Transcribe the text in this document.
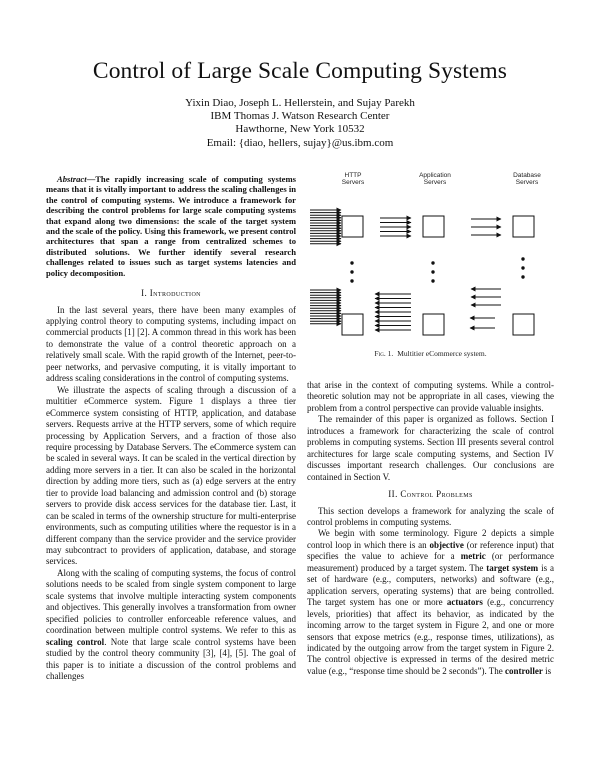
Control of Large Scale Computing Systems
Yixin Diao, Joseph L. Hellerstein, and Sujay Parekh
IBM Thomas J. Watson Research Center
Hawthorne, New York 10532
Email: {diao, hellers, sujay}@us.ibm.com

Abstract—The rapidly increasing scale of computing systems means that it is vitally important to address the scaling challenges in the control of computing systems. We introduce a framework for describing the control problems for large scale computing systems that expand along two dimensions: the scale of the target system and the scale of the policy. Using this framework, we present control architectures that span a range from centralized schemes to distributed solutions. We further identify several research challenges related to issues such as target systems latencies and policy decomposition.

I. Introduction

In the last several years, there have been many examples of applying control theory to computing systems, including impact on commercial products [1] [2]. A common thread in this work has been to demonstrate the value of a control theoretic approach on a relatively small scale. With the rapid growth of the Internet, peer-to-peer networks, and pervasive computing, it is vitally important to address scaling considerations in the control of computing systems.

We illustrate the aspects of scaling through a discussion of a multitier eCommerce system. Figure 1 displays a three tier eCommerce system consisting of HTTP, application, and database servers. Requests arrive at the HTTP servers, some of which require processing by Application Servers, and a fraction of those also require processing by Database Servers. The eCommerce system can be scaled in several ways. It can be scaled in the vertical direction by adding more servers in a tier. It can also be scaled in the horizontal direction by adding more tiers, such as (a) edge servers at the entry tier to provide load balancing and admission control and (b) storage servers to provide disk access services for the database tier. Last, it can be scaled in terms of the ownership structure for multi-enterprise environments, such as computing utilities where the requestor is in a different company than the service provider and the service provider may subcontract to providers of application, database, and storage services.

Along with the scaling of computing systems, the focus of control solutions needs to be scaled from single system component to large scale systems that involve multiple interacting system components and objectives. This generally involves a transformation from owner specified policies to controller enforceable reference values, and coordination between multiple control systems. We refer to this as scaling control. Note that large scale control systems have been studied by the control theory community [3], [4], [5]. The goal of this paper is to initiate a discussion of the control problems and challenges

HTTP
Servers
Application
Servers
Database
Servers
Fig. 1. Multitier eCommerce system.

that arise in the context of computing systems. While a control-theoretic solution may not be appropriate in all cases, viewing the problem from a control perspective can provide valuable insights.

The remainder of this paper is organized as follows. Section I introduces a framework for characterizing the scale of control problems in computing systems. Section III presents several control architectures for large scale computing systems, and Section IV discusses important research challenges. Our conclusions are contained in Section V.

II. Control Problems

This section develops a framework for analyzing the scale of control problems in computing systems.

We begin with some terminology. Figure 2 depicts a simple control loop in which there is an objective (or reference input) that specifies the value to achieve for a metric (or performance measurement) produced by a target system. The target system is a set of hardware (e.g., computers, networks) and software (e.g., application servers, operating systems) that are being controlled. The target system has one or more actuators (e.g., concurrency levels, priorities) that affect its behavior, as indicated by the incoming arrow to the target system in Figure 2, and one or more sensors that expose metrics (e.g., response times, utilizations), as indicated by the outgoing arrow from the target system in Figure 2. The control objective is expressed in terms of the desired metric value (e.g., “response time should be 2 seconds”). The controller is
